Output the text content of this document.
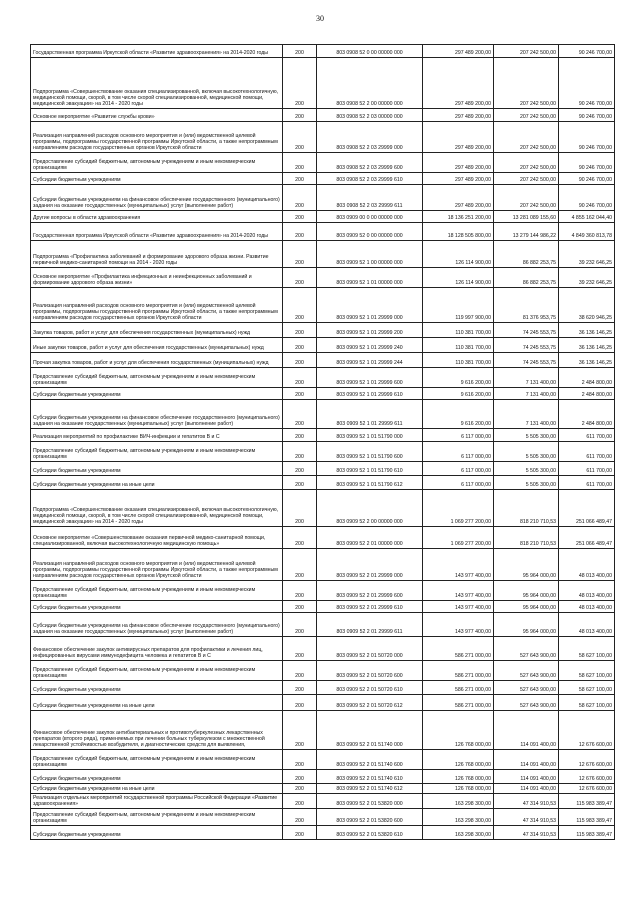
30
Государственная программа Иркутской области «Развитие здравоохранения» на 2014-2020 годы	200	803 0908 52 0 00 00000 000	297 489 200,00	207 242 500,00	90 246 700,00
Подпрограмма «Совершенствование оказания специализированной, включая высокотехнологичную, медицинской помощи, скорой, в том числе скорой специализированной, медицинской помощи, медицинской эвакуации» на 2014 - 2020 годы	200	803 0908 52 2 00 00000 000	297 489 200,00	207 242 500,00	90 246 700,00
Основное мероприятие «Развитие службы крови»	200	803 0908 52 2 03 00000 000	297 489 200,00	207 242 500,00	90 246 700,00
Реализация направлений расходов основного мероприятия и (или) ведомственной целевой программы, подпрограммы государственной программы Иркутской области, а также непрограммным направлениям расходов государственных органов Иркутской области	200	803 0908 52 2 03 29999 000	297 489 200,00	207 242 500,00	90 246 700,00
Предоставление субсидий бюджетным, автономным учреждениям и иным некоммерческим организациям	200	803 0908 52 2 03 29999 600	297 489 200,00	207 242 500,00	90 246 700,00
Субсидии бюджетным учреждениям	200	803 0908 52 2 03 29999 610	297 489 200,00	207 242 500,00	90 246 700,00
Субсидии бюджетным учреждениям на финансовое обеспечение государственного (муниципального) задания на оказание государственных (муниципальных) услуг (выполнение работ)	200	803 0908 52 2 03 29999 611	297 489 200,00	207 242 500,00	90 246 700,00
Другие вопросы в области здравоохранения	200	803 0909 00 0 00 00000 000	18 136 251 200,00	13 281 089 155,60	4 855 162 044,40
Государственная программа Иркутской области «Развитие здравоохранения» на 2014-2020 годы	200	803 0909 52 0 00 00000 000	18 128 505 800,00	13 279 144 986,22	4 849 360 813,78
Подпрограмма «Профилактика заболеваний и формирование здорового образа жизни. Развитие первичной медико-санитарной помощи на 2014 - 2020 годы	200	803 0909 52 1 00 00000 000	126 114 900,00	86 882 253,75	39 232 646,25
Основное мероприятие «Профилактика инфекционных и неинфекционных заболеваний и формирование здорового образа жизни»	200	803 0909 52 1 01 00000 000	126 114 900,00	86 882 253,75	39 232 646,25
Реализация направлений расходов основного мероприятия и (или) ведомственной целевой программы, подпрограммы государственной программы Иркутской области, а также непрограммным направлениям расходов государственных органов Иркутской области	200	803 0909 52 1 01 29999 000	119 997 900,00	81 376 953,75	38 620 946,25
Закупка товаров, работ и услуг для обеспечения государственных (муниципальных) нужд	200	803 0909 52 1 01 29999 200	110 381 700,00	74 245 553,75	36 136 146,25
Иные закупки товаров, работ и услуг для обеспечения государственных (муниципальных) нужд	200	803 0909 52 1 01 29999 240	110 381 700,00	74 245 553,75	36 136 146,25
Прочая закупка товаров, работ и услуг для обеспечения государственных (муниципальных) нужд	200	803 0909 52 1 01 29999 244	110 381 700,00	74 245 553,75	36 136 146,25
Предоставление субсидий бюджетным, автономным учреждениям и иным некоммерческим организациям	200	803 0909 52 1 01 29999 600	9 616 200,00	7 131 400,00	2 484 800,00
Субсидии бюджетным учреждениям	200	803 0909 52 1 01 29999 610	9 616 200,00	7 131 400,00	2 484 800,00
Субсидии бюджетным учреждениям на финансовое обеспечение государственного (муниципального) задания на оказание государственных (муниципальных) услуг (выполнение работ)	200	803 0909 52 1 01 29999 611	9 616 200,00	7 131 400,00	2 484 800,00
Реализация мероприятий по профилактике ВИЧ-инфекции и гепатитов B и C	200	803 0909 52 1 01 51790 000	6 117 000,00	5 505 300,00	611 700,00
Предоставление субсидий бюджетным, автономным учреждениям и иным некоммерческим организациям	200	803 0909 52 1 01 51790 600	6 117 000,00	5 505 300,00	611 700,00
Субсидии бюджетным учреждениям	200	803 0909 52 1 01 51790 610	6 117 000,00	5 505 300,00	611 700,00
Субсидии бюджетным учреждениям на иные цели	200	803 0909 52 1 01 51790 612	6 117 000,00	5 505 300,00	611 700,00
Подпрограмма «Совершенствование оказания специализированной, включая высокотехнологичную, медицинской помощи, скорой, в том числе скорой специализированной, медицинской помощи, медицинской эвакуации» на 2014 - 2020 годы	200	803 0909 52 2 00 00000 000	1 069 277 200,00	818 210 710,53	251 066 489,47
Основное мероприятие «Совершенствование оказания первичной медико-санитарной помощи, специализированной, включая высокотехнологичную медицинскую помощь»	200	803 0909 52 2 01 00000 000	1 069 277 200,00	818 210 710,53	251 066 489,47
Реализация направлений расходов основного мероприятия и (или) ведомственной целевой программы, подпрограммы государственной программы Иркутской области, а также непрограммным направлениям расходов государственных органов Иркутской области	200	803 0909 52 2 01 29999 000	143 977 400,00	95 964 000,00	48 013 400,00
Предоставление субсидий бюджетным, автономным учреждениям и иным некоммерческим организациям	200	803 0909 52 2 01 29999 600	143 977 400,00	95 964 000,00	48 013 400,00
Субсидии бюджетным учреждениям	200	803 0909 52 2 01 29999 610	143 977 400,00	95 964 000,00	48 013 400,00
Субсидии бюджетным учреждениям на финансовое обеспечение государственного (муниципального) задания на оказание государственных (муниципальных) услуг (выполнение работ)	200	803 0909 52 2 01 29999 611	143 977 400,00	95 964 000,00	48 013 400,00
Финансовое обеспечение закупок антивирусных препаратов для профилактики и лечения лиц, инфицированных вирусами иммунодефицита человека и гепатитов B и C	200	803 0909 52 2 01 50720 000	586 271 000,00	527 643 900,00	58 627 100,00
Предоставление субсидий бюджетным, автономным учреждениям и иным некоммерческим организациям	200	803 0909 52 2 01 50720 600	586 271 000,00	527 643 900,00	58 627 100,00
Субсидии бюджетным учреждениям	200	803 0909 52 2 01 50720 610	586 271 000,00	527 643 900,00	58 627 100,00
Субсидии бюджетным учреждениям на иные цели	200	803 0909 52 2 01 50720 612	586 271 000,00	527 643 900,00	58 627 100,00
Финансовое обеспечение закупок антибактериальных и противотуберкулезных лекарственных препаратов (второго ряда), применяемых при лечении больных туберкулезом с множественной лекарственной устойчивостью возбудителя, и диагностических средств для выявления,	200	803 0909 52 2 01 51740 000	126 768 000,00	114 091 400,00	12 676 600,00
Предоставление субсидий бюджетным, автономным учреждениям и иным некоммерческим организациям	200	803 0909 52 2 01 51740 600	126 768 000,00	114 091 400,00	12 676 600,00
Субсидии бюджетным учреждениям	200	803 0909 52 2 01 51740 610	126 768 000,00	114 091 400,00	12 676 600,00
Субсидии бюджетным учреждениям на иные цели	200	803 0909 52 2 01 51740 612	126 768 000,00	114 091 400,00	12 676 600,00
Реализация отдельных мероприятий государственной программы Российской Федерации «Развитие здравоохранения»	200	803 0909 52 2 01 53820 000	163 298 300,00	47 314 910,53	115 983 389,47
Предоставление субсидий бюджетным, автономным учреждениям и иным некоммерческим организациям	200	803 0909 52 2 01 53820 600	163 298 300,00	47 314 910,53	115 983 389,47
Субсидии бюджетным учреждениям	200	803 0909 52 2 01 53820 610	163 298 300,00	47 314 910,53	115 983 389,47
